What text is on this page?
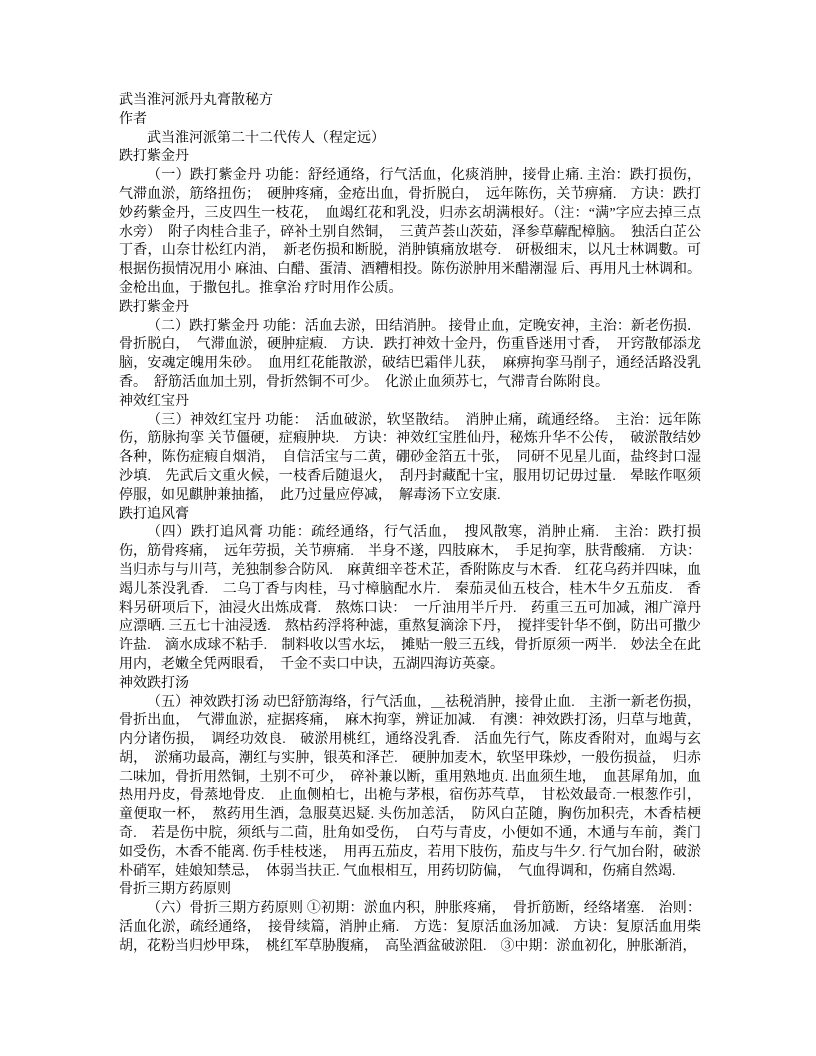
武当淮河派丹丸膏散秘方

作者

武当淮河派第二十二代传人（程定远）

跌打紫金丹

（一）跌打紫金丹 功能：舒经通络，行气活血，化痰消肿，接骨止痛. 主治：跌打损伤，气滞血淤，筋络扭伤；　硬肿疼痛，金疮出血，骨折脱白，　远年陈伤，关节痹痛.　方诀：跌打妙药紫金丹，三皮四生一枝花，　血竭红花和乳没，归赤玄胡满根好。（注：“满”字应去掉三点水旁）　附子肉桂合韭子，碎补土别自然铜，　三黄芦荟山茨茹，泽参草薢配樟脑。　独活白芷公丁香，山奈廿松红内消，　新老伤损和断脱，消肿镇痛放堪夸.　研极细末，以凡士林调數。可根据伤损情况用小 麻油、白醋、蛋清、酒糟相投。陈伤淤肿用米醋潮湿 后、再用凡士林调和。金枪出血，于撒包扎。推拿治 疗时用作公质。

跌打紫金丹

（二）跌打紫金丹 功能：活血去淤，田结消肿。 接骨止血，定晚安神，主治：新老伤损．骨折脱白，　气滞血淤，硬肿症瘕.　方诀．跌打神效十金丹，伤重昏迷用寸香，　开窍散郁添龙脑，安魂定魄用朱砂。　血用红花能散淤，破结巴霜伴儿获，　麻痹拘挛马削子，通经活路没乳香。　舒筋活血加土别，骨折然铜不可少。　化淤止血须苏七，气滞青台陈附良。

神效红宝丹

（三）神效红宝丹 功能：　活血破淤，软坚散结。　消肿止痛，疏通经络。　主治：远年陈伤，筋脉拘挛 关节僵硬，症瘕肿块.　方诀：神效红宝胜仙丹，秘炼升华不公传，　破淤散结妙各种，陈伤症瘕自烟消，　自信活宝与二黄，硼砂金箔五十张，　同研不见星儿面，盐终封口湿沙填.　先武后文重火候，一枝香后随退火，　刮丹封藏配十宝，服用切记毋过量.　晕眩作呕须停服，如见麒肿兼抽搐，　此乃过量应停减，　解毒汤下立安康.

跌打追风膏

（四）跌打追风膏 功能：疏经通络，行气活血，　搜风散寒，消肿止痛.　主治：跌打损伤，筋骨疼痛，　远年劳损，关节痹痛.　半身不遂，四肢麻木，　手足拘挛，肤背酸痛.　方诀：当归赤与与川芎，羌独制参合防风.　麻黄细辛苍术芷，香附陈皮与木香.　红花乌药并四味，血竭儿茶没乳香.　二乌丁香与肉桂，马寸樟脑配水片.　秦茄灵仙五枝合，桂木牛夕五茄皮.　香料另研项后下，油浸火出炼成膏.　熬炼口诀：　一斤油用半斤丹.　药重三五可加减，湘广漳丹应漂晒. 三五七十油浸透.　熬枯药浮将种滤，重熬复滴涂下丹，　搅拌雯针华不倒，防出可撒少许盐.　滴水成球不粘手.　制料收以雪水坛，　摊贴一般三五线，骨折原须一两半.　妙法全在此用内，老嫩全凭两眼看，　千金不卖口中诀，五湖四海访英豪。

神效跌打汤

（五）神效跌打汤 动巴舒筋海络，行气活血，＿祛税消肿，接骨止血.　主浙一新老伤损，骨折出血，　气滞血淤，症据疼痛，　麻木拘挛，辨证加减.　有澳：神效跌打汤，归草与地黄，内分诸伤损，　调经功效良.　破淤用桃红，通络没乳香.　活血先行气，陈皮香附对，血竭与玄胡，　淤痛功最高，潮红与实肿，银英和泽芒.　硬肿加麦木，软坚甲珠炒，一般伤损益，　归赤二味加，骨折用然铜，土别不可少，　碎补兼以断，重用熟地贞. 出血须生地，　血甚犀角加，血热用丹皮，骨蒸地骨皮.　止血侧柏七，出桅与茅根，宿伤苏芞草，　甘松效最奇.一根葱作引，童便取一杯，　熬药用生酒，急服莫迟疑. 头伤加恙活，　防风白芷随，胸伤加积壳，木香桔梗奇.　若是伤中脘，须纸与二茴，肚角如受伤，　白芍与青皮，小便如不通，木通与车前，粪门如受伤，木香不能离. 伤手桂枝迷，　用再五茄皮，若用下肢伤，茄皮与牛夕. 行气加台附，破淤朴硝军，娃娘知禁忌，　体弱当扶正. 气血根相互，用药切防偏，　气血得调和，伤痛自然竭.

骨折三期方药原则

（六）骨折三期方药原则 ①初期：淤血内积，肿胀疼痛，　骨折筋断，经络堵塞.　治则：活血化淤，疏经通络，　接骨续篇，消肿止痛.　方选：复原活血汤加减.　方诀：复原活血用柴胡，花粉当归炒甲珠，　桃红军草胁腹痛，　高坠酒盆破淤阻.　③中期：淤血初化，肿胀渐消，
